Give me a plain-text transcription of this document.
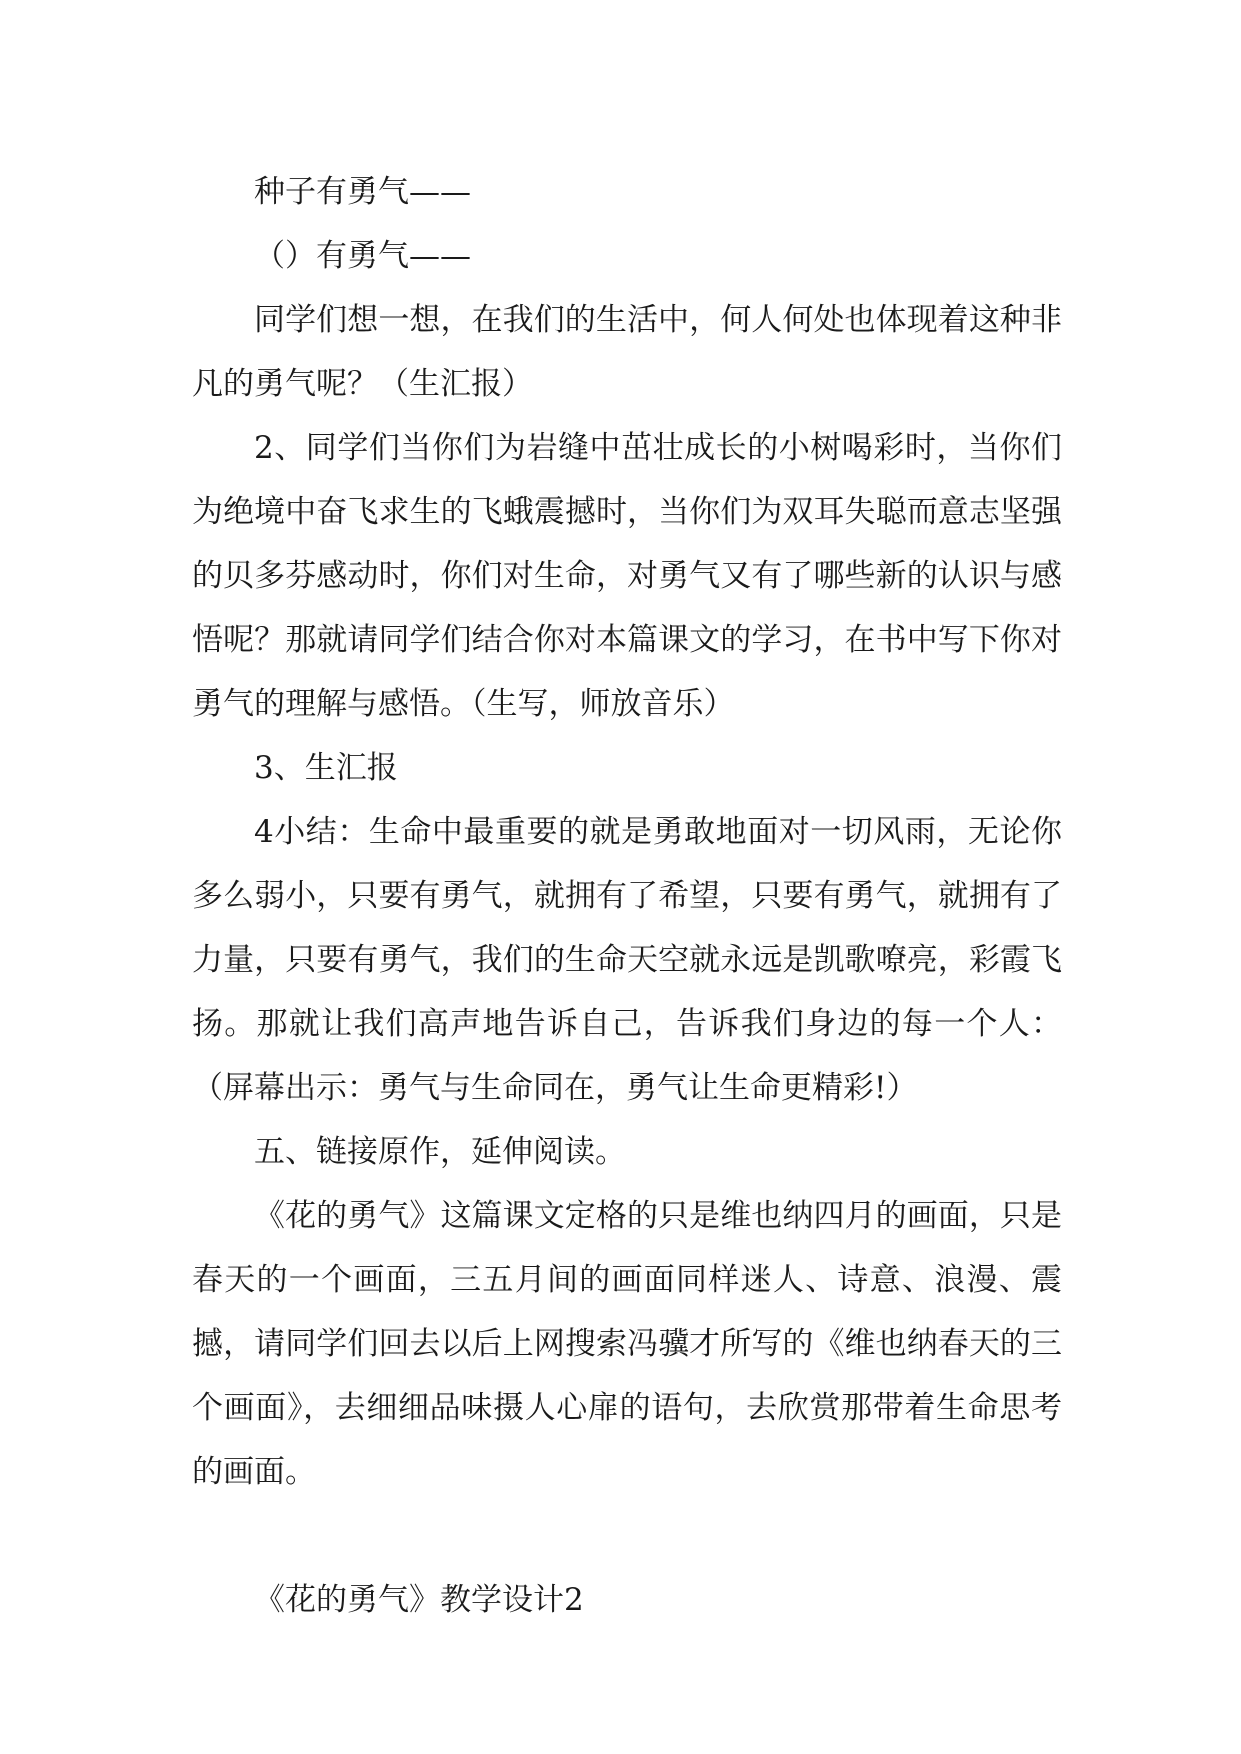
种子有勇气——

（）有勇气——

同学们想一想，在我们的生活中，何人何处也体现着这种非凡的勇气呢？（生汇报）

2、同学们当你们为岩缝中茁壮成长的小树喝彩时，当你们为绝境中奋飞求生的飞蛾震撼时，当你们为双耳失聪而意志坚强的贝多芬感动时，你们对生命，对勇气又有了哪些新的认识与感悟呢？那就请同学们结合你对本篇课文的学习，在书中写下你对勇气的理解与感悟。（生写，师放音乐）

3、生汇报

4小结：生命中最重要的就是勇敢地面对一切风雨，无论你多么弱小，只要有勇气，就拥有了希望，只要有勇气，就拥有了力量，只要有勇气，我们的生命天空就永远是凯歌嘹亮，彩霞飞扬。那就让我们高声地告诉自己，告诉我们身边的每一个人：（屏幕出示：勇气与生命同在，勇气让生命更精彩!）

五、链接原作，延伸阅读。

《花的勇气》这篇课文定格的只是维也纳四月的画面，只是春天的一个画面，三五月间的画面同样迷人、诗意、浪漫、震撼，请同学们回去以后上网搜索冯骥才所写的《维也纳春天的三个画面》，去细细品味摄人心扉的语句，去欣赏那带着生命思考的画面。

《花的勇气》教学设计2
